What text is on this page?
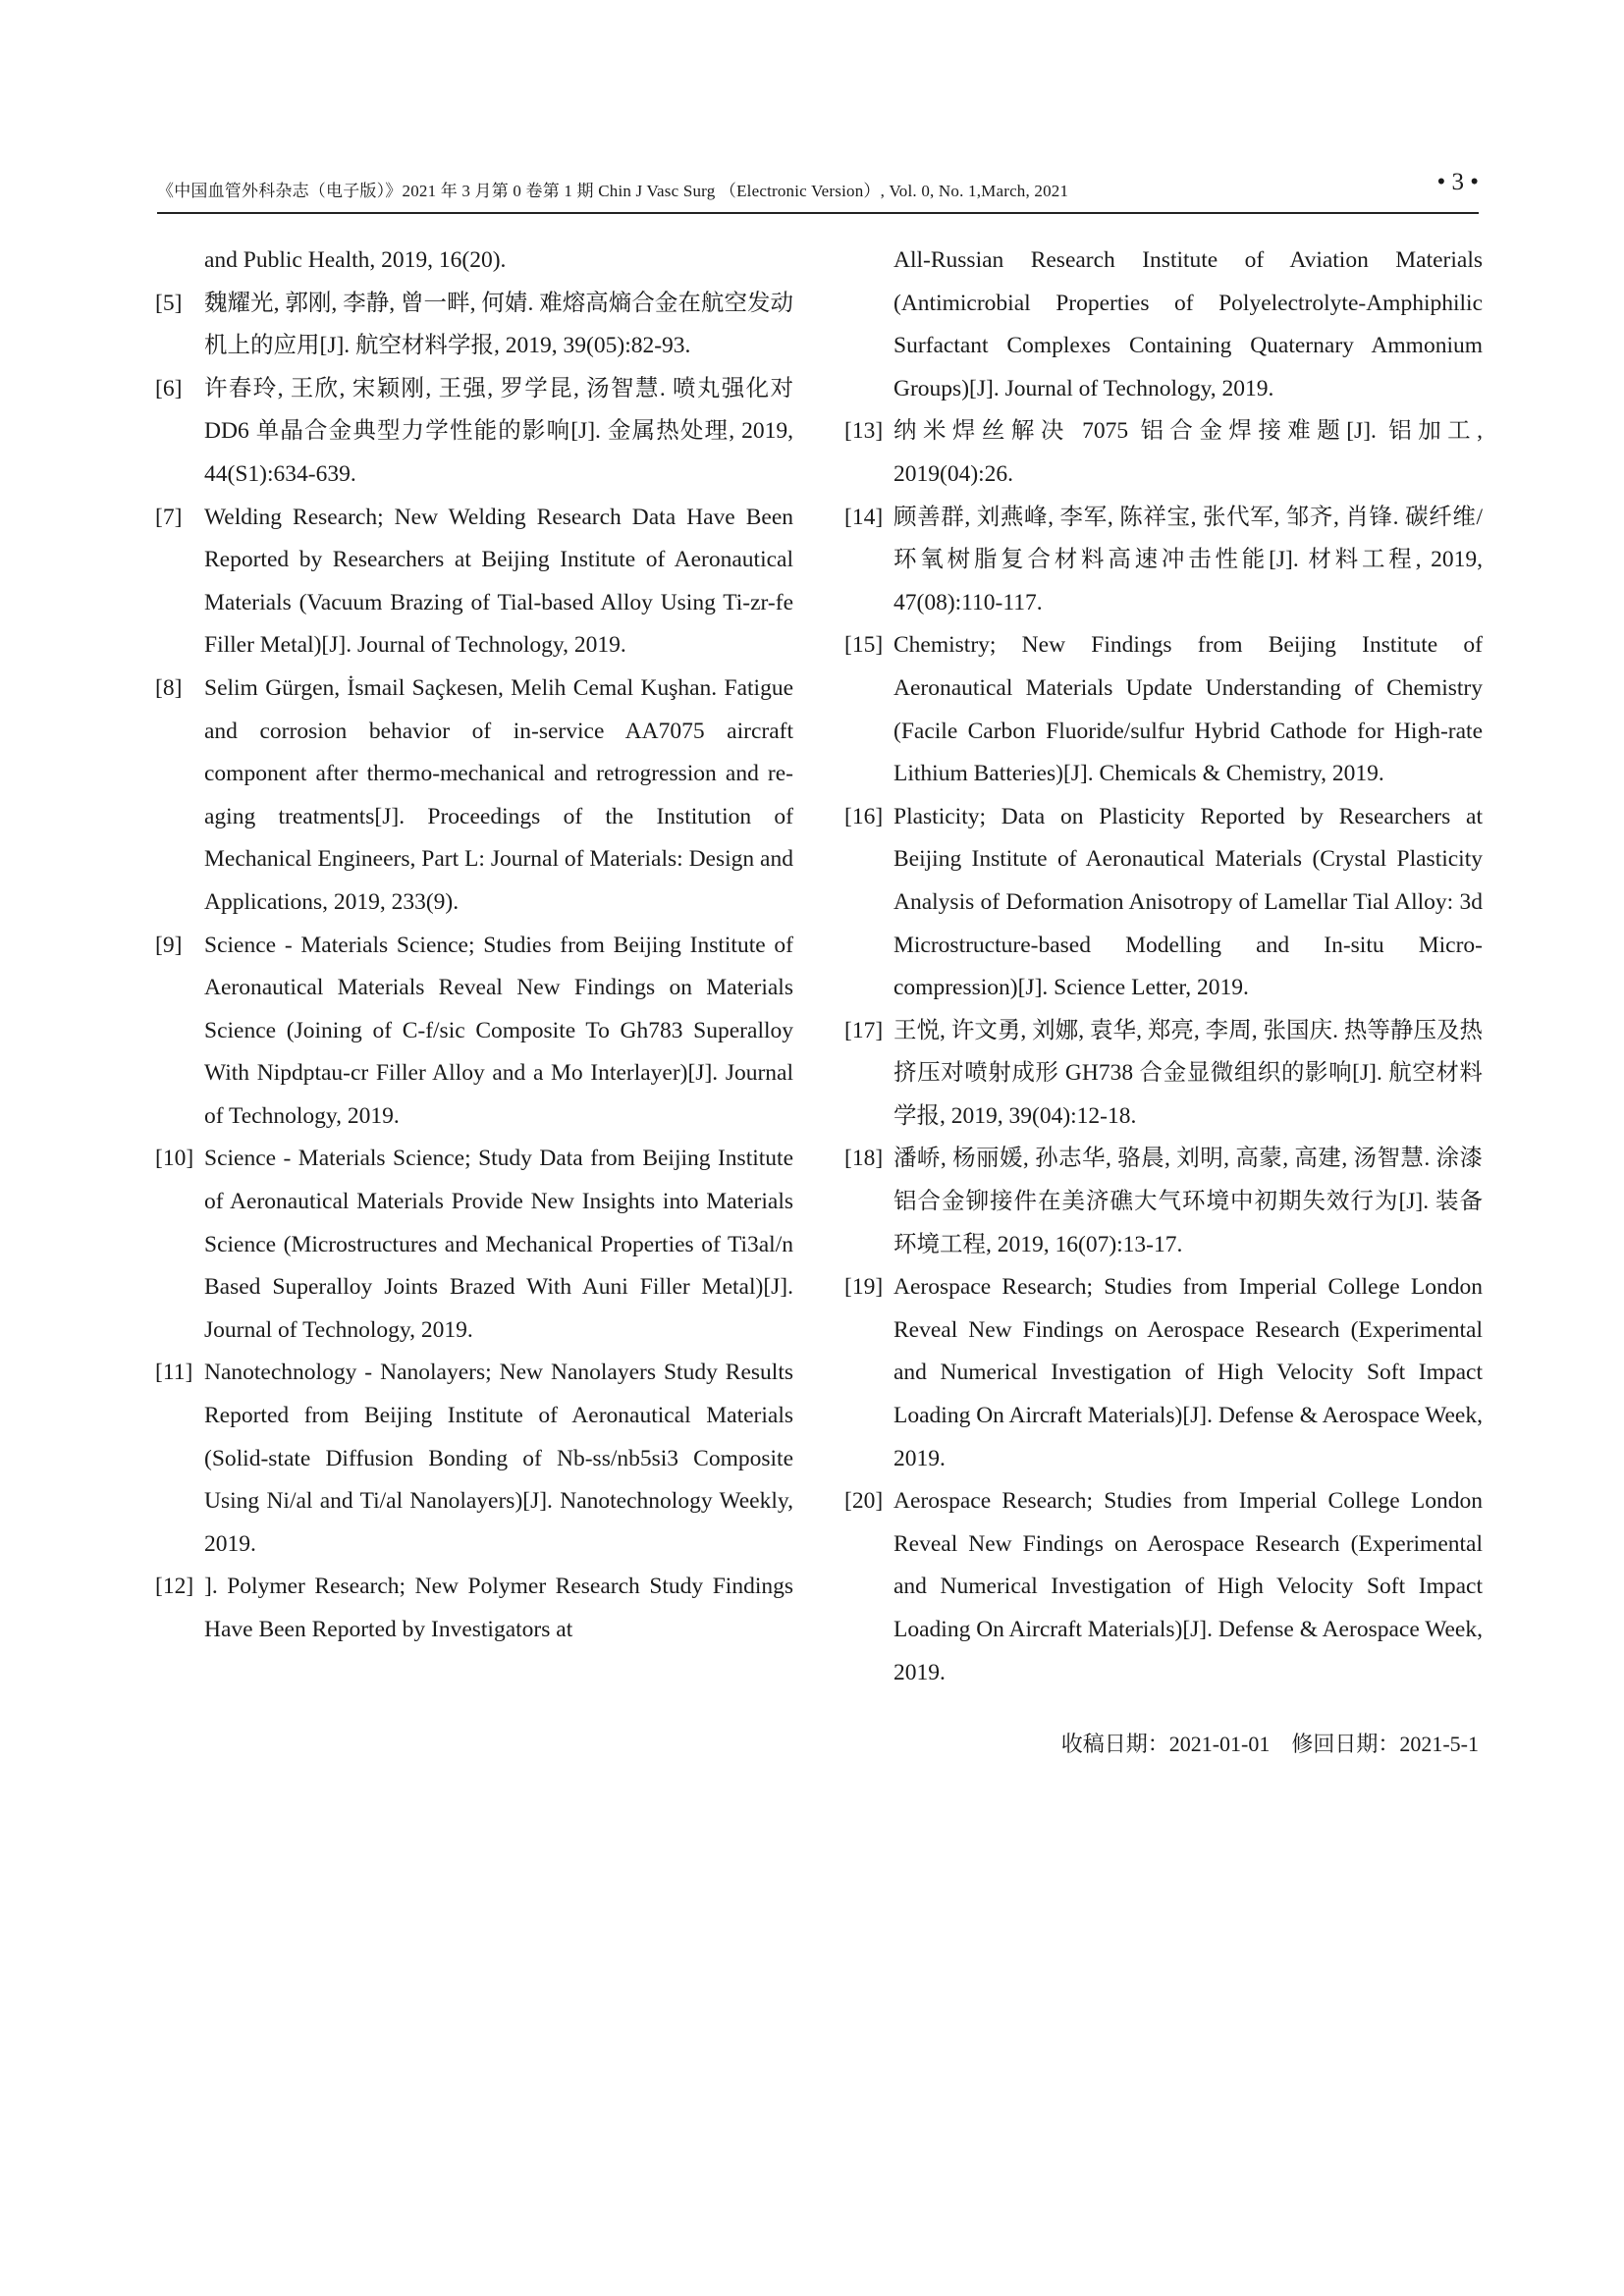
《中国血管外科杂志（电子版）》2021 年 3 月第 0 卷第 1 期 Chin J Vasc Surg （Electronic Version）, Vol. 0, No. 1,March, 2021	• 3 •
and Public Health, 2019, 16(20).
[5] 魏耀光, 郭刚, 李静, 曾一畔, 何婧. 难熔高熵合金在航空发动机上的应用[J]. 航空材料学报, 2019, 39(05):82-93.
[6] 许春玲, 王欣, 宋颖刚, 王强, 罗学昆, 汤智慧. 喷丸强化对 DD6 单晶合金典型力学性能的影响[J]. 金属热处理, 2019, 44(S1):634-639.
[7] Welding Research; New Welding Research Data Have Been Reported by Researchers at Beijing Institute of Aeronautical Materials (Vacuum Brazing of Tial-based Alloy Using Ti-zr-fe Filler Metal)[J]. Journal of Technology, 2019.
[8] Selim Gürgen, İsmail Saçkesen, Melih Cemal Kuşhan. Fatigue and corrosion behavior of in-service AA7075 aircraft component after thermo-mechanical and retrogression and re-aging treatments[J]. Proceedings of the Institution of Mechanical Engineers, Part L: Journal of Materials: Design and Applications, 2019, 233(9).
[9] Science - Materials Science; Studies from Beijing Institute of Aeronautical Materials Reveal New Findings on Materials Science (Joining of C-f/sic Composite To Gh783 Superalloy With Nipdptau-cr Filler Alloy and a Mo Interlayer)[J]. Journal of Technology, 2019.
[10] Science - Materials Science; Study Data from Beijing Institute of Aeronautical Materials Provide New Insights into Materials Science (Microstructures and Mechanical Properties of Ti3al/n Based Superalloy Joints Brazed With Auni Filler Metal)[J]. Journal of Technology, 2019.
[11] Nanotechnology - Nanolayers; New Nanolayers Study Results Reported from Beijing Institute of Aeronautical Materials (Solid-state Diffusion Bonding of Nb-ss/nb5si3 Composite Using Ni/al and Ti/al Nanolayers)[J]. Nanotechnology Weekly, 2019.
[12] ]. Polymer Research; New Polymer Research Study Findings Have Been Reported by Investigators at
All-Russian Research Institute of Aviation Materials (Antimicrobial Properties of Polyelectrolyte-Amphiphilic Surfactant Complexes Containing Quaternary Ammonium Groups)[J]. Journal of Technology, 2019.
[13] 纳米焊丝解决 7075 铝合金焊接难题[J]. 铝加工, 2019(04):26.
[14] 顾善群, 刘燕峰, 李军, 陈祥宝, 张代军, 邹齐, 肖锋. 碳纤维/环氧树脂复合材料高速冲击性能[J]. 材料工程, 2019, 47(08):110-117.
[15] Chemistry; New Findings from Beijing Institute of Aeronautical Materials Update Understanding of Chemistry (Facile Carbon Fluoride/sulfur Hybrid Cathode for High-rate Lithium Batteries)[J]. Chemicals & Chemistry, 2019.
[16] Plasticity; Data on Plasticity Reported by Researchers at Beijing Institute of Aeronautical Materials (Crystal Plasticity Analysis of Deformation Anisotropy of Lamellar Tial Alloy: 3d Microstructure-based Modelling and In-situ Micro-compression)[J]. Science Letter, 2019.
[17] 王悦, 许文勇, 刘娜, 袁华, 郑亮, 李周, 张国庆. 热等静压及热挤压对喷射成形 GH738 合金显微组织的影响[J]. 航空材料学报, 2019, 39(04):12-18.
[18] 潘峤, 杨丽媛, 孙志华, 骆晨, 刘明, 高蒙, 高建, 汤智慧. 涂漆铝合金铆接件在美济礁大气环境中初期失效行为[J]. 装备环境工程, 2019, 16(07):13-17.
[19] Aerospace Research; Studies from Imperial College London Reveal New Findings on Aerospace Research (Experimental and Numerical Investigation of High Velocity Soft Impact Loading On Aircraft Materials)[J]. Defense & Aerospace Week, 2019.
[20] Aerospace Research; Studies from Imperial College London Reveal New Findings on Aerospace Research (Experimental and Numerical Investigation of High Velocity Soft Impact Loading On Aircraft Materials)[J]. Defense & Aerospace Week, 2019.
收稿日期：2021-01-01 修回日期：2021-5-1
